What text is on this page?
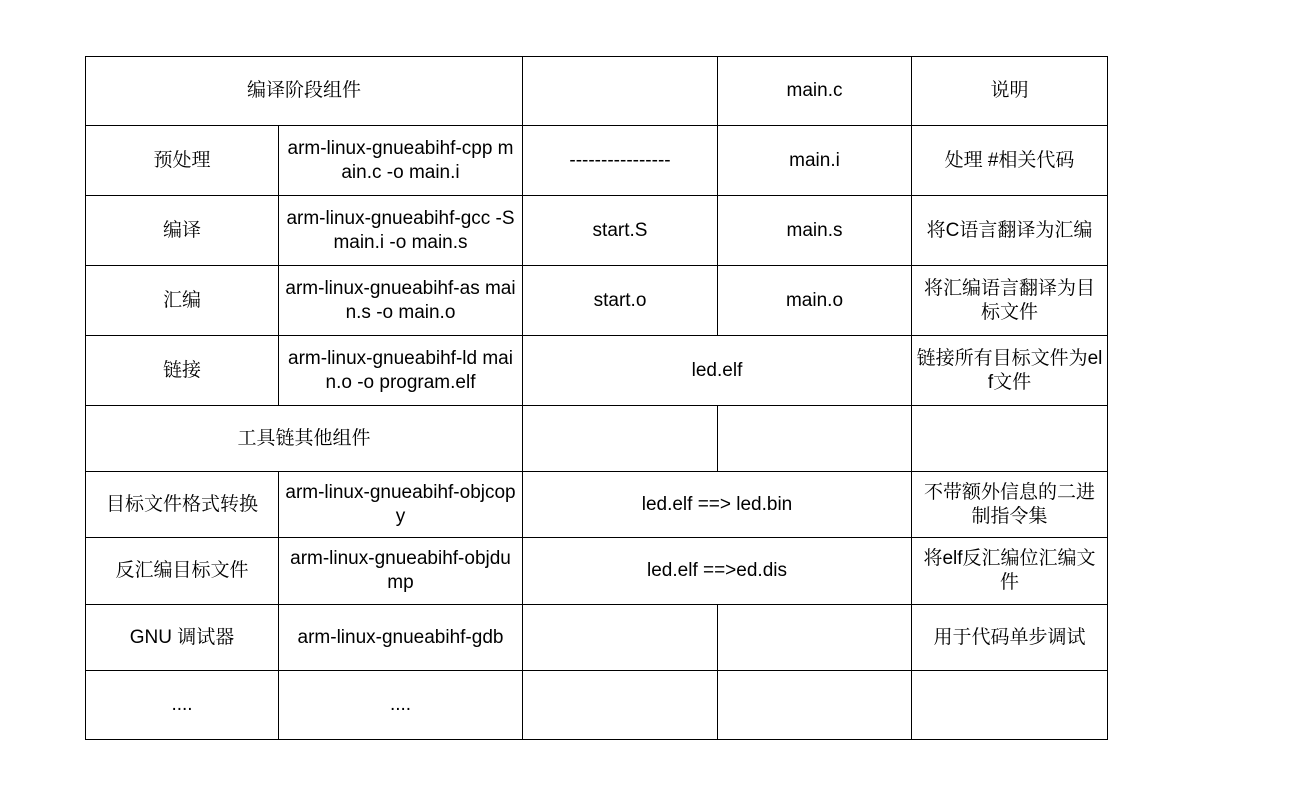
编译阶段组件			main.c	说明
预处理	arm-linux-gnueabihf-cpp main.c -o main.i	----------------	main.i	处理 #相关代码
编译	arm-linux-gnueabihf-gcc -S main.i -o main.s	start.S	main.s	将C语言翻译为汇编
汇编	arm-linux-gnueabihf-as main.s -o main.o	start.o	main.o	将汇编语言翻译为目标文件
链接	arm-linux-gnueabihf-ld main.o -o program.elf	led.elf		链接所有目标文件为elf文件
工具链其他组件				
目标文件格式转换	arm-linux-gnueabihf-objcopy	led.elf ==> led.bin		不带额外信息的二进制指令集
反汇编目标文件	arm-linux-gnueabihf-objdump	led.elf ==>ed.dis		将elf反汇编位汇编文件
GNU 调试器	arm-linux-gnueabihf-gdb			用于代码单步调试
....	....			
